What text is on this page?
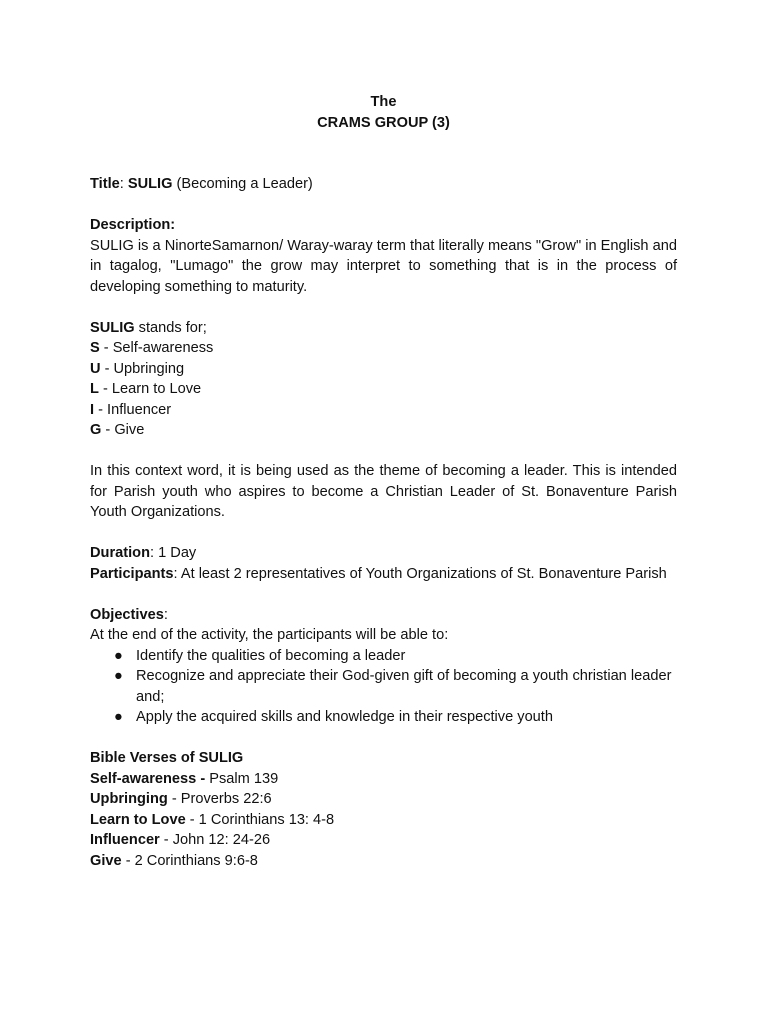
The
CRAMS GROUP (3)

Title: SULIG (Becoming a Leader)

Description:

SULIG is a NinorteSamarnon/ Waray-waray term that literally means "Grow" in English and in tagalog, "Lumago" the grow may interpret to something that is in the process of developing something to maturity.

SULIG stands for;

S - Self-awareness

U - Upbringing

L - Learn to Love

I - Influencer

G - Give

In this context word, it is being used as the theme of becoming a leader. This is intended for Parish youth who aspires to become a Christian Leader of St. Bonaventure Parish Youth Organizations.

Duration: 1 Day

Participants: At least 2 representatives of Youth Organizations of St. Bonaventure Parish

Objectives:

At the end of the activity, the participants will be able to:

● Identify the qualities of becoming a leader
● Recognize and appreciate their God-given gift of becoming a youth christian leader and;
● Apply the acquired skills and knowledge in their respective youth

Bible Verses of SULIG

Self-awareness - Psalm 139

Upbringing - Proverbs 22:6

Learn to Love - 1 Corinthians 13: 4-8

Influencer - John 12: 24-26

Give - 2 Corinthians 9:6-8
